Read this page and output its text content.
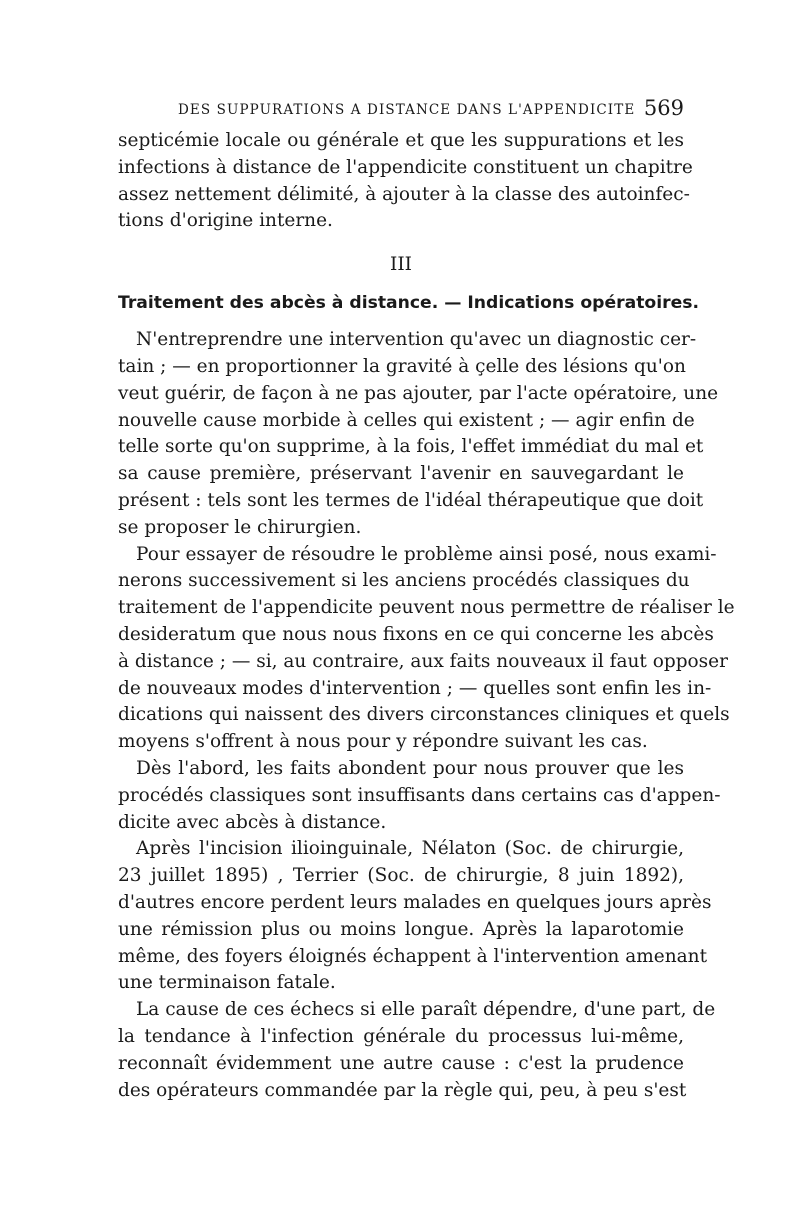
DES SUPPURATIONS A DISTANCE DANS L'APPENDICITE 569
septicémie locale ou générale et que les suppurations et les
infections à distance de l'appendicite constituent un chapitre
assez nettement délimité, à ajouter à la classe des autoinfec-
tions d'origine interne.
III
Traitement des abcès à distance. — Indications opératoires.
N'entreprendre une intervention qu'avec un diagnostic cer-
tain ; — en proportionner la gravité à çelle des lésions qu'on
veut guérir, de façon à ne pas ajouter, par l'acte opératoire, une
nouvelle cause morbide à celles qui existent ; — agir enfin de
telle sorte qu'on supprime, à la fois, l'effet immédiat du mal et
sa cause première, préservant l'avenir en sauvegardant le
présent : tels sont les termes de l'idéal thérapeutique que doit
se proposer le chirurgien.
Pour essayer de résoudre le problème ainsi posé, nous exami-
nerons successivement si les anciens procédés classiques du
traitement de l'appendicite peuvent nous permettre de réaliser le
desideratum que nous nous fixons en ce qui concerne les abcès
à distance ; — si, au contraire, aux faits nouveaux il faut opposer
de nouveaux modes d'intervention ; — quelles sont enfin les in-
dications qui naissent des divers circonstances cliniques et quels
moyens s'offrent à nous pour y répondre suivant les cas.
Dès l'abord, les faits abondent pour nous prouver que les
procédés classiques sont insuffisants dans certains cas d'appen-
dicite avec abcès à distance.
Après l'incision ilioinguinale, Nélaton (Soc. de chirurgie,
23 juillet 1895) , Terrier (Soc. de chirurgie, 8 juin 1892),
d'autres encore perdent leurs malades en quelques jours après
une rémission plus ou moins longue. Après la laparotomie
même, des foyers éloignés échappent à l'intervention amenant
une terminaison fatale.
La cause de ces échecs si elle paraît dépendre, d'une part, de
la tendance à l'infection générale du processus lui-même,
reconnaît évidemment une autre cause : c'est la prudence
des opérateurs commandée par la règle qui, peu, à peu s'est
